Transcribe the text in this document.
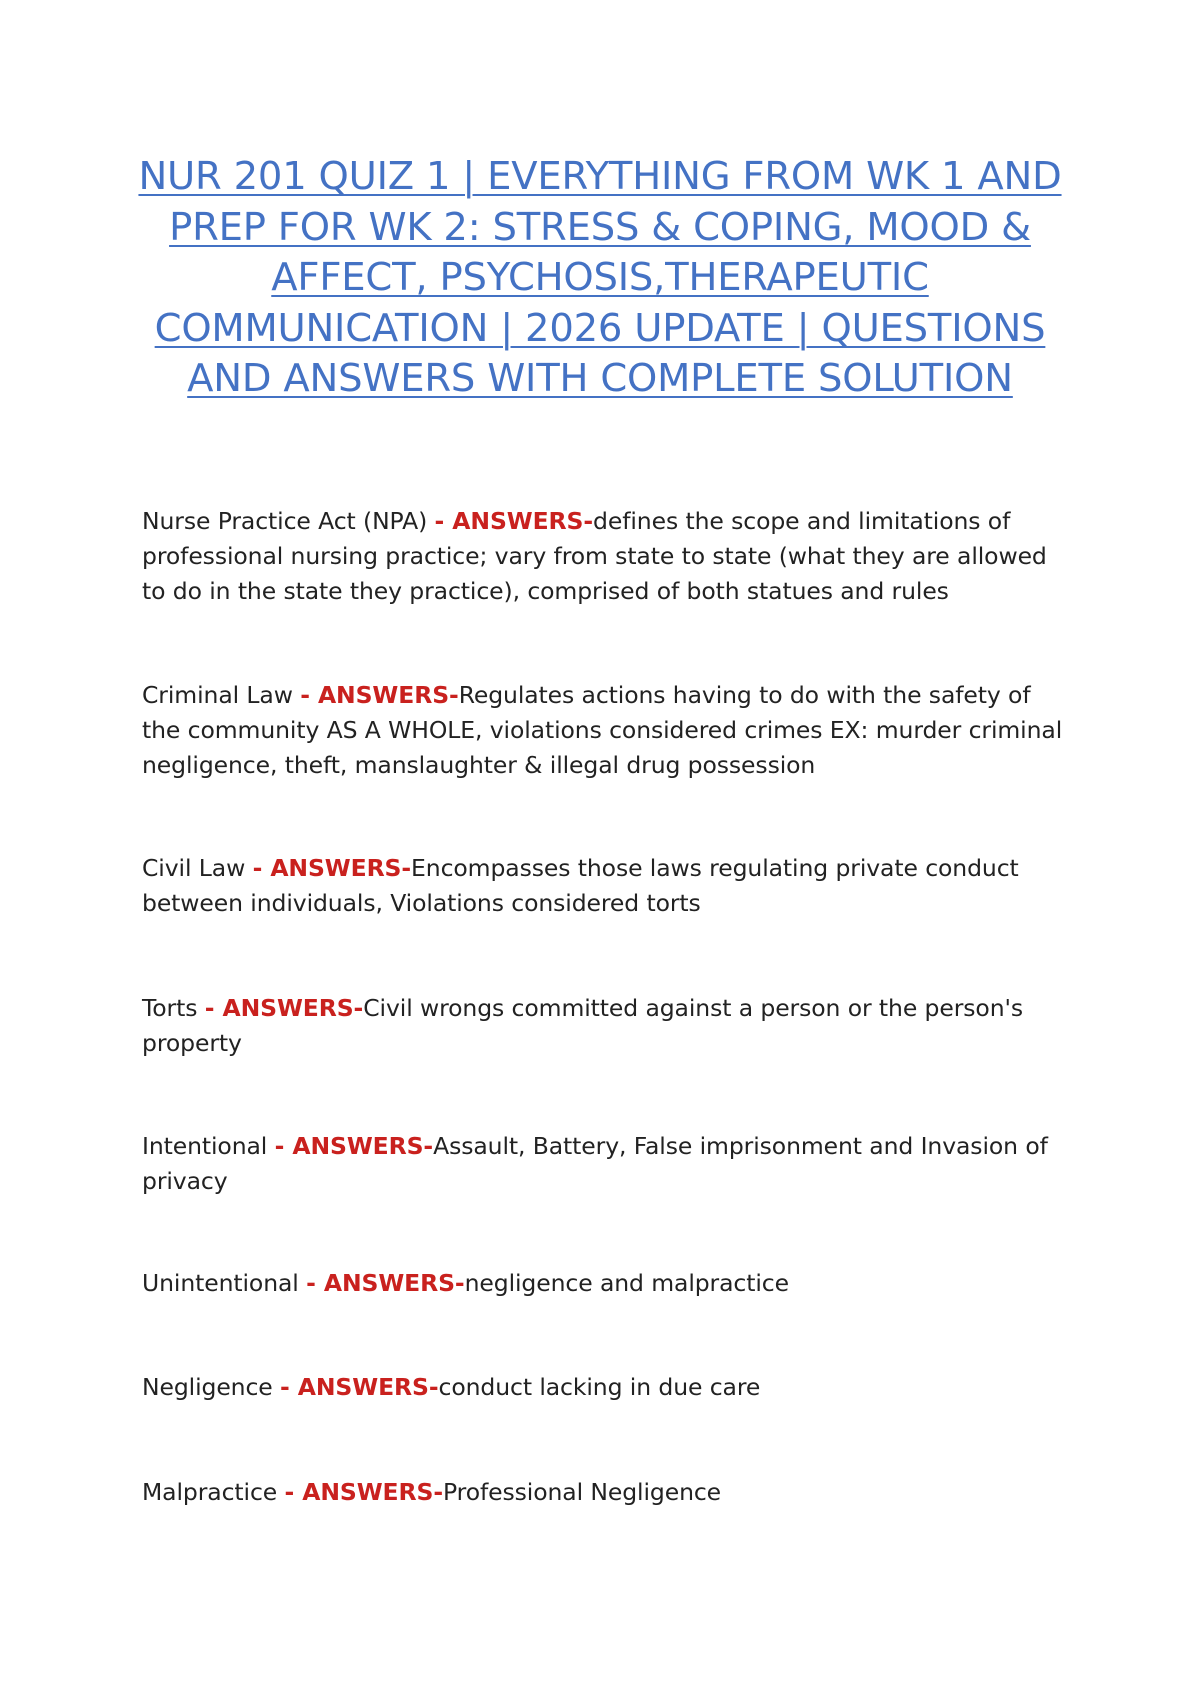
NUR 201 QUIZ 1 | EVERYTHING FROM WK 1 AND PREP FOR WK 2: STRESS & COPING, MOOD & AFFECT, PSYCHOSIS,THERAPEUTIC COMMUNICATION | 2026 UPDATE | QUESTIONS AND ANSWERS WITH COMPLETE SOLUTION

Nurse Practice Act (NPA) - ANSWERS-defines the scope and limitations of professional nursing practice; vary from state to state (what they are allowed to do in the state they practice), comprised of both statues and rules

Criminal Law - ANSWERS-Regulates actions having to do with the safety of the community AS A WHOLE, violations considered crimes EX: murder criminal negligence, theft, manslaughter & illegal drug possession

Civil Law - ANSWERS-Encompasses those laws regulating private conduct between individuals, Violations considered torts

Torts - ANSWERS-Civil wrongs committed against a person or the person's property

Intentional - ANSWERS-Assault, Battery, False imprisonment and Invasion of privacy

Unintentional - ANSWERS-negligence and malpractice

Negligence - ANSWERS-conduct lacking in due care

Malpractice - ANSWERS-Professional Negligence
